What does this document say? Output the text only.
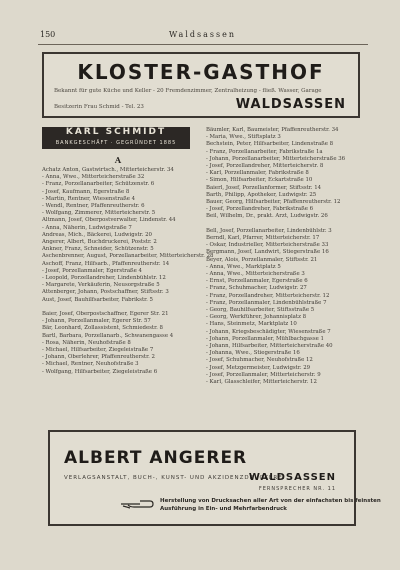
150	Waldsassen
KLOSTER-GASTHOF
Bekannt für gute Küche und Keller - 20 Fremdenzimmer, Zentralheizung - fließ. Wasser, Garage
Besitzerin Frau Schmid - Tel. 23	WALDSASSEN
KARL SCHMIDT
BANKGESCHÄFT · GEGRÜNDET 1885
A
Achatz Anton, Gastwirtsch., Mitterteicherstr. 34
- Anna, Wwe., Mitterteicherstraße 32
- Franz, Porzellanarbeiter, Schützenstr. 6
- Josef, Kaufmann, Egerstraße 8
- Martin, Rentner, Wiesenstraße 4
- Wendl, Rentner, Pfaffenreutherstr. 6
- Wolfgang, Zimmerer, Mitterteicherstr. 5
Altmann, Josef, Oberpostverwalter, Lindenstr. 44
- Anna, Näherin, Ludwigstraße 7
Andreas, Mich., Bäckerei, Ludwigstr. 20
Angerer, Albert, Buchdruckerei, Poststr. 2
Ankner, Franz, Schneider, Schützenstr. 5
Aschenbrenner, August, Porzellanarbeiter, Mitterteicherstr. 28
Aschoff, Franz, Hilfsarb., Pfaffenreutherstr. 14
- Josef, Porzellanmaler, Egerstraße 4
- Leopold, Porzellandreher, Lindenbühlstr. 12
- Margarete, Verkäuferin, Neusorgstraße 5
Attenberger, Johann, Postschaffner, Stiftsstr. 3
Aust, Josef, Bauhilfsarbeiter, Fabrikstr. 5
Baier, Josef, Oberpostschaffner, Egerer Str. 21
- Johann, Porzellanmaler, Egerer Str. 57
Bär, Leonhard, Zollassistent, Schmiedestr. 8
Bartl, Barbara, Porzellanarb., Schwanengasse 4
- Rosa, Näherin, Neuhofstraße 8
- Michael, Hilfsarbeiter, Ziegeleistraße 7
- Johann, Oberlehrer, Pfaffenreutherstr. 2
- Michael, Rentner, Neuhofstraße 3
- Wolfgang, Hilfsarbeiter, Ziegeleistraße 6
Bäumler, Karl, Baumeister, Pfaffenreutherstr. 34
- Maria, Wwe., Stiftsplatz 3
Bechstein, Peter, Hilfsarbeiter, Lindenstraße 8
- Franz, Porzellanarbeiter, Fabrikstraße 1a
- Johann, Porzellanarbeiter, Mitterteicherstraße 36
- Josef, Porzellandreher, Mitterteicherstr. 8
- Karl, Porzellanmaler, Fabrikstraße 8
- Simon, Hilfsarbeiter, Eckartstraße 10
Baierl, Josef, Porzellanformer, Stiftsstr. 14
Barth, Philipp, Apotheker, Ludwigstr. 25
Bauer, Georg, Hilfsarbeiter, Pfaffenreutherstr. 12
- Josef, Porzellandreher, Fabrikstraße 6
Beil, Wilhelm, Dr., prakt. Arzt, Ludwigstr. 26
Bell, Josef, Porzellanarbeiter, Lindenbühlstr. 3
Berndl, Karl, Pfarrer, Mitterteicherstr. 17
- Oskar, Industrieller, Mitterteicherstraße 33
Bergmann, Josef, Landwirt, Stiegerstraße 16
Beyer, Alois, Porzellanmaler, Stiftsstr. 21
- Anna, Wwe., Marktplatz 5
- Anna, Wwe., Mitterteicherstraße 3
- Ernst, Porzellanmaler, Egerstraße 6
- Franz, Schuhmacher, Ludwigstr. 27
- Franz, Porzellandreher, Mitterteicherstr. 12
- Franz, Porzellanmaler, Lindenbühlstraße 7
- Georg, Bauhilfsarbeiter, Stiftsstraße 5
- Georg, Werkführer, Johannisplatz 8
- Hans, Steinmetz, Marktplatz 10
- Johann, Kriegsbeschädigter, Wiesenstraße 7
- Johann, Porzellanmaler, Mühlbachgasse 1
- Johann, Hilfsarbeiter, Mitterteicherstraße 40
- Johanna, Wwe., Stiegerstraße 16
- Josef, Schuhmacher, Neuhofstraße 12
- Josef, Metzgermeister, Ludwigstr. 29
- Josef, Porzellanmaler, Mitterteicherstr. 9
- Karl, Glasschleifer, Mitterteicherstr. 12
ALBERT ANGERER
VERLAGSANSTALT, BUCH-, KUNST- UND AKZIDENZDRUCKEREI
WALDSASSEN
FERNSPRECHER NR. 11
Herstellung von Drucksachen aller Art von der einfachsten bis feinsten
Ausführung in Ein- und Mehrfarbendruck
